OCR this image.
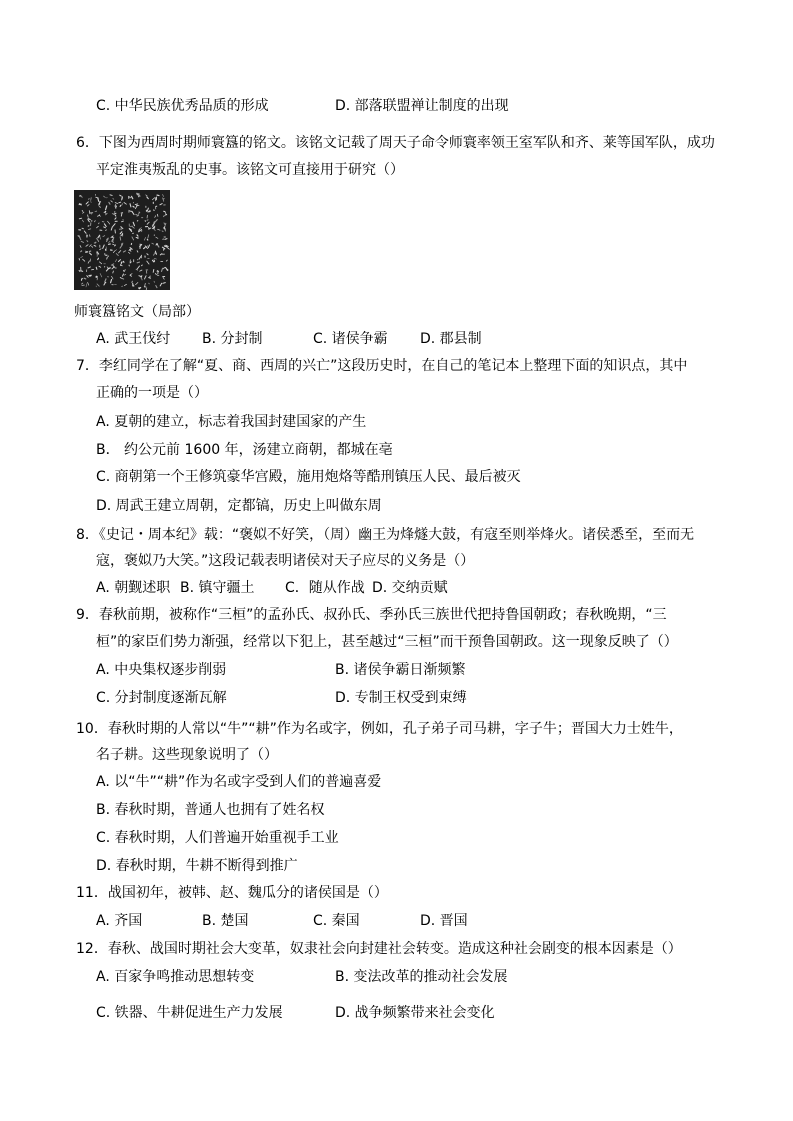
C. 中华民族优秀品质的形成	D. 部落联盟禅让制度的出现
6．下图为西周时期师寰簋的铭文。该铭文记载了周天子命令师寰率领王室军队和齐、莱等国军队，成功
平定淮夷叛乱的史事。该铭文可直接用于研究（）
师寰簋铭文（局部）
A. 武王伐纣 B. 分封制	C. 诸侯争霸 D. 郡县制
7．李红同学在了解“夏、商、西周的兴亡”这段历史时，在自己的笔记本上整理下面的知识点，其中
正确的一项是（）
A. 夏朝的建立，标志着我国封建国家的产生
B． 约公元前 1600 年，汤建立商朝，都城在亳
C. 商朝第一个王修筑豪华宫殿，施用炮烙等酷刑镇压人民、最后被灭
D. 周武王建立周朝，定都镐，历史上叫做东周
8．《史记・周本纪》载：“褒姒不好笑，（周）幽王为烽燧大鼓，有寇至则举烽火。诸侯悉至，至而无
寇，褒姒乃大笑。”这段记载表明诸侯对天子应尽的义务是（）
A. 朝觐述职 B. 镇守疆土 C．随从作战 D. 交纳贡赋
9．春秋前期，被称作“三桓”的孟孙氏、叔孙氏、季孙氏三族世代把持鲁国朝政；春秋晚期，“三
桓”的家臣们势力渐强，经常以下犯上，甚至越过“三桓”而干预鲁国朝政。这一现象反映了（）
A. 中央集权逐步削弱	B. 诸侯争霸日渐频繁
C. 分封制度逐渐瓦解	D. 专制王权受到束缚
10．春秋时期的人常以“牛”“耕”作为名或字，例如，孔子弟子司马耕，字子牛；晋国大力士姓牛，
名子耕。这些现象说明了（）
A. 以“牛”“耕”作为名或字受到人们的普遍喜爱
B. 春秋时期，普通人也拥有了姓名权
C. 春秋时期，人们普遍开始重视手工业
D. 春秋时期，牛耕不断得到推广
11．战国初年，被韩、赵、魏瓜分的诸侯国是（）
A. 齐国	B. 楚国	C. 秦国	D. 晋国
12．春秋、战国时期社会大变革，奴隶社会向封建社会转变。造成这种社会剧变的根本因素是（）
A. 百家争鸣推动思想转变	B. 变法改革的推动社会发展
C. 铁器、牛耕促进生产力发展	D. 战争频繁带来社会变化
